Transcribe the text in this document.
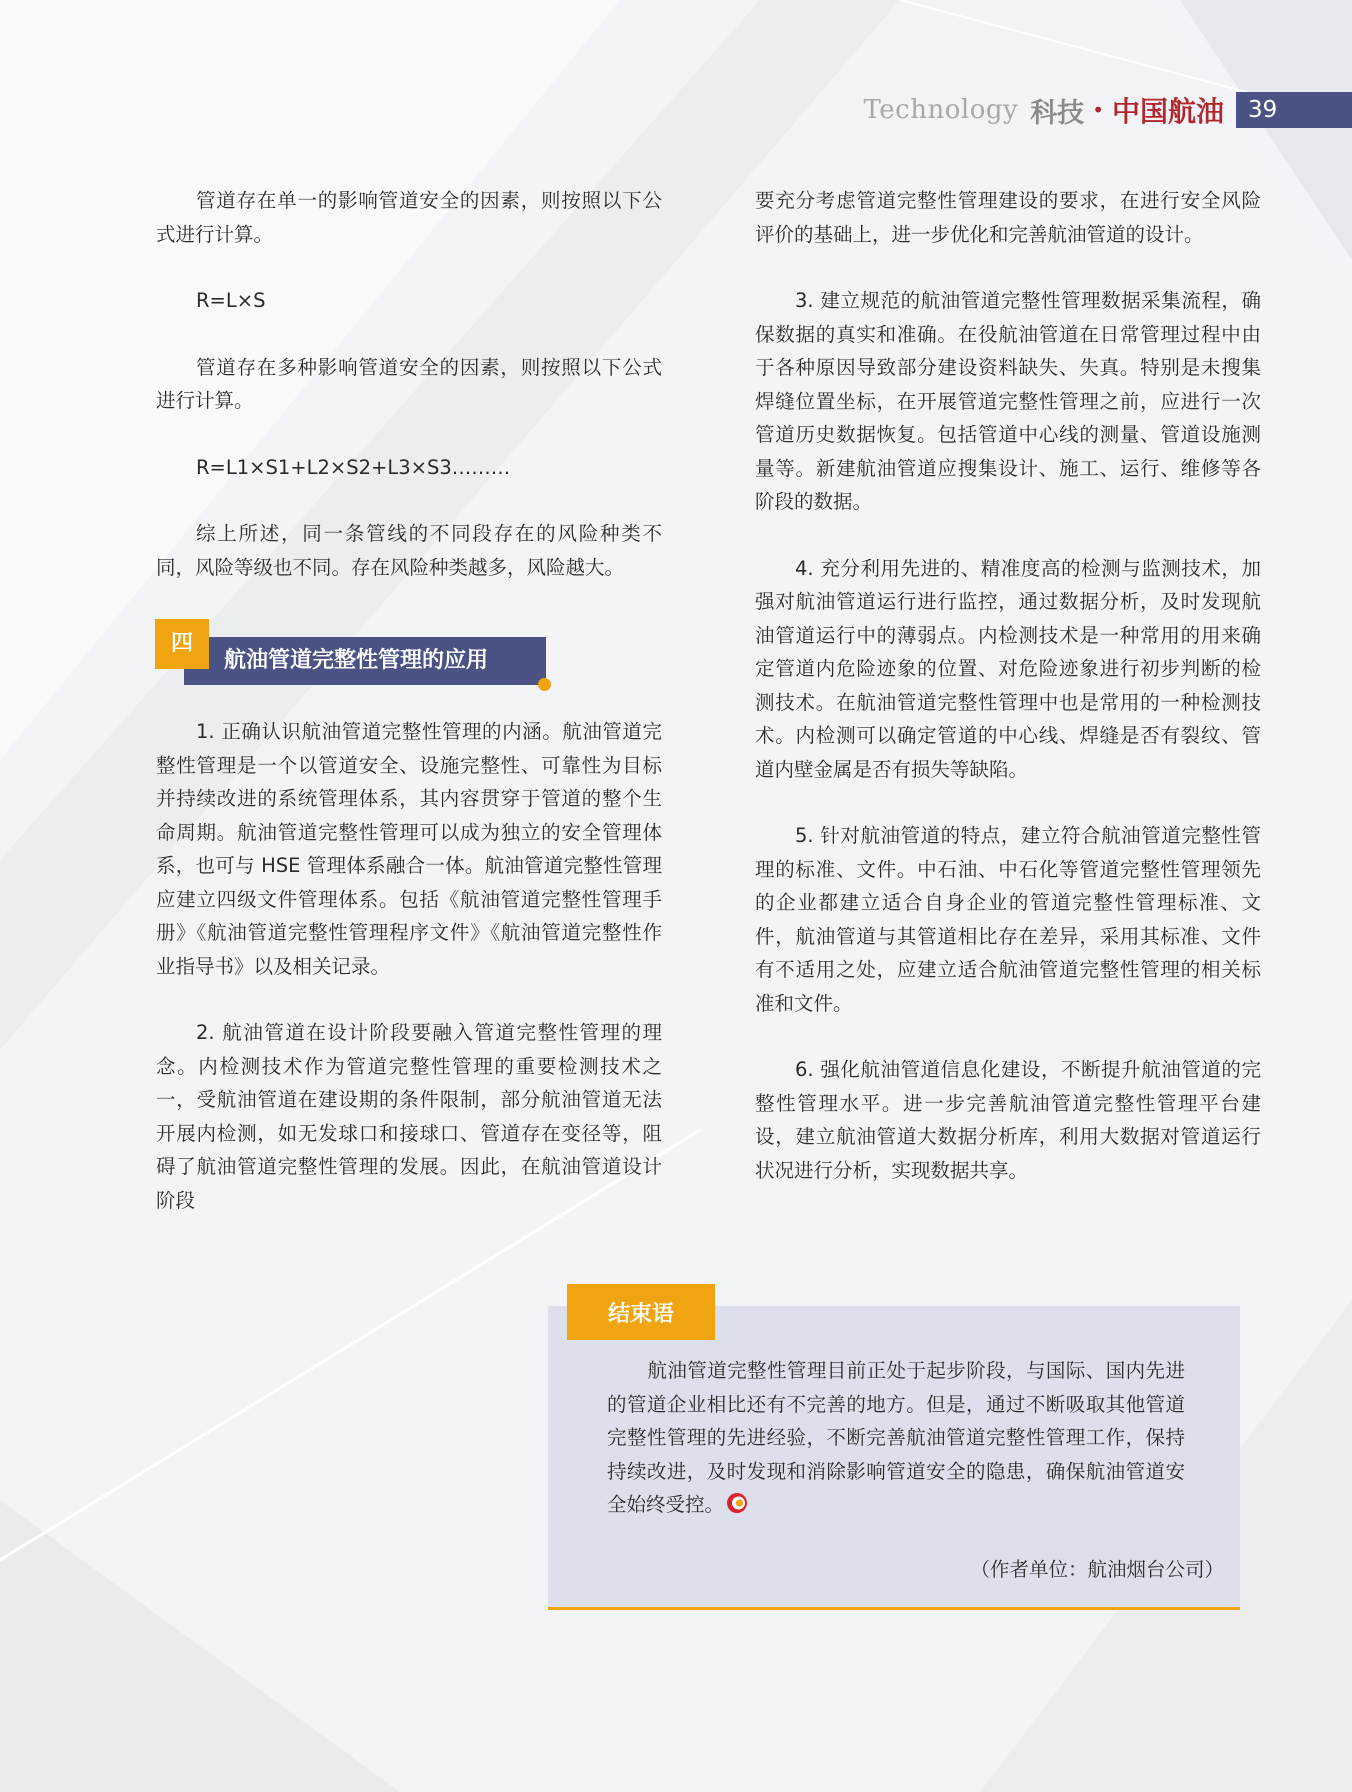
Technology 科技 • 中国航油	39

管道存在单一的影响管道安全的因素，则按照以下公式进行计算。

R=L×S

管道存在多种影响管道安全的因素，则按照以下公式进行计算。

R=L1×S1+L2×S2+L3×S3………

综上所述，同一条管线的不同段存在的风险种类不同，风险等级也不同。存在风险种类越多，风险越大。

航油管道完整性管理的应用
四

1. 正确认识航油管道完整性管理的内涵。航油管道完整性管理是一个以管道安全、设施完整性、可靠性为目标并持续改进的系统管理体系，其内容贯穿于管道的整个生命周期。航油管道完整性管理可以成为独立的安全管理体系，也可与 HSE 管理体系融合一体。航油管道完整性管理应建立四级文件管理体系。包括《航油管道完整性管理手册》《航油管道完整性管理程序文件》《航油管道完整性作业指导书》以及相关记录。

2. 航油管道在设计阶段要融入管道完整性管理的理念。内检测技术作为管道完整性管理的重要检测技术之一，受航油管道在建设期的条件限制，部分航油管道无法开展内检测，如无发球口和接球口、管道存在变径等，阻碍了航油管道完整性管理的发展。因此，在航油管道设计阶段

要充分考虑管道完整性管理建设的要求，在进行安全风险评价的基础上，进一步优化和完善航油管道的设计。

3. 建立规范的航油管道完整性管理数据采集流程，确保数据的真实和准确。在役航油管道在日常管理过程中由于各种原因导致部分建设资料缺失、失真。特别是未搜集焊缝位置坐标，在开展管道完整性管理之前，应进行一次管道历史数据恢复。包括管道中心线的测量、管道设施测量等。新建航油管道应搜集设计、施工、运行、维修等各阶段的数据。

4. 充分利用先进的、精准度高的检测与监测技术，加强对航油管道运行进行监控，通过数据分析，及时发现航油管道运行中的薄弱点。内检测技术是一种常用的用来确定管道内危险迹象的位置、对危险迹象进行初步判断的检测技术。在航油管道完整性管理中也是常用的一种检测技术。内检测可以确定管道的中心线、焊缝是否有裂纹、管道内壁金属是否有损失等缺陷。

5. 针对航油管道的特点，建立符合航油管道完整性管理的标准、文件。中石油、中石化等管道完整性管理领先的企业都建立适合自身企业的管道完整性管理标准、文件，航油管道与其管道相比存在差异，采用其标准、文件有不适用之处，应建立适合航油管道完整性管理的相关标准和文件。

6. 强化航油管道信息化建设，不断提升航油管道的完整性管理水平。进一步完善航油管道完整性管理平台建设，建立航油管道大数据分析库，利用大数据对管道运行状况进行分析，实现数据共享。

结束语
航油管道完整性管理目前正处于起步阶段，与国际、国内先进的管道企业相比还有不完善的地方。但是，通过不断吸取其他管道完整性管理的先进经验，不断完善航油管道完整性管理工作，保持持续改进，及时发现和消除影响管道安全的隐患，确保航油管道安全始终受控。
（作者单位：航油烟台公司）
